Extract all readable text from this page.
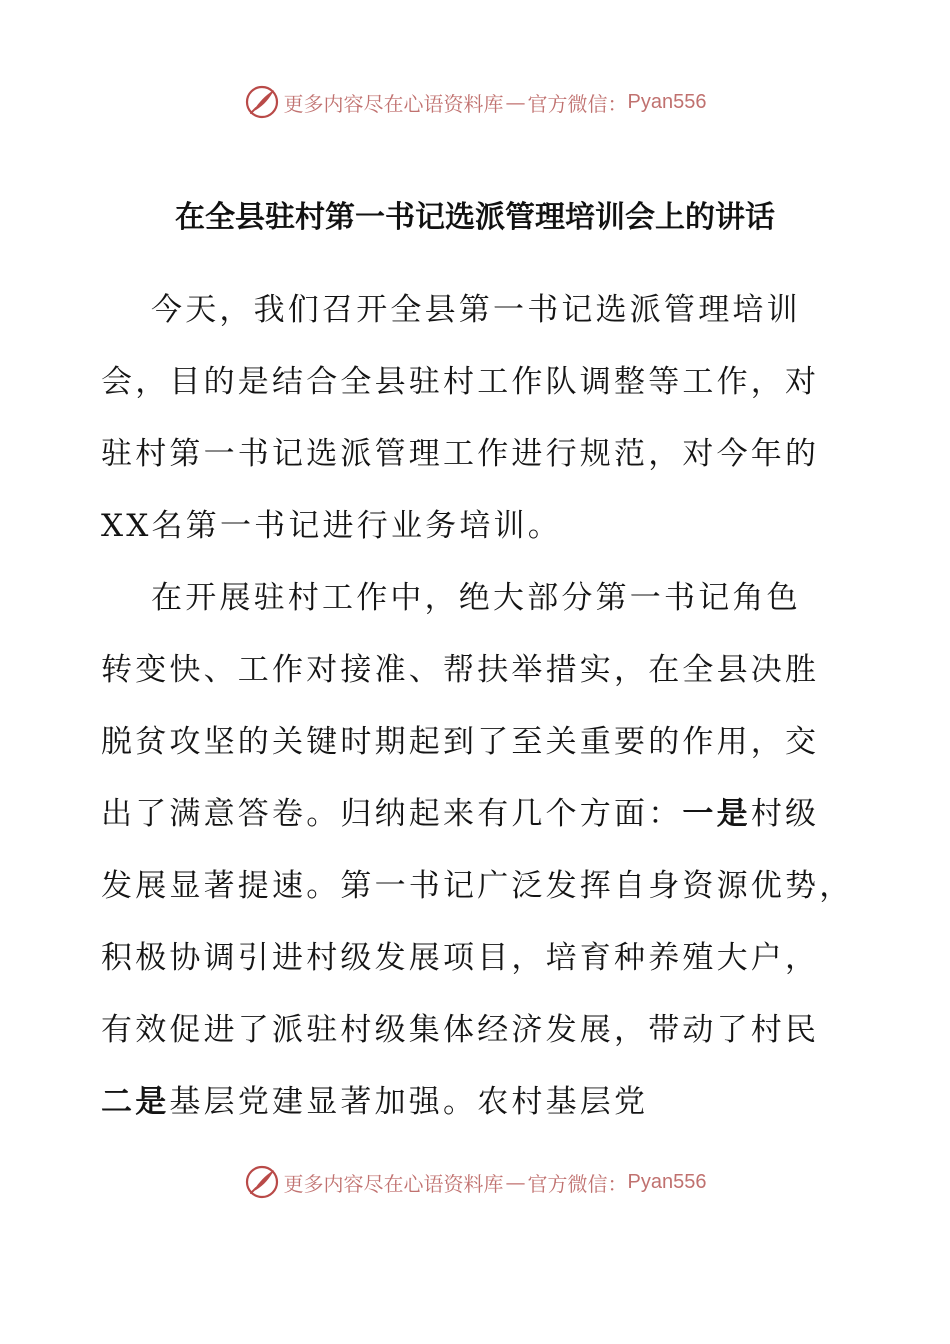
更多内容尽在心语资料库 — 官方微信： Pyan556
在全县驻村第一书记选派管理培训会上的讲话
今天，我们召开全县第一书记选派管理培训
会，目的是结合全县驻村工作队调整等工作，对
驻村第一书记选派管理工作进行规范，对今年的
XX名第一书记进行业务培训。
在开展驻村工作中，绝大部分第一书记角色
转变快、工作对接准、帮扶举措实，在全县决胜
脱贫攻坚的关键时期起到了至关重要的作用，交
出了满意答卷。归纳起来有几个方面：一是村级
发展显著提速。第一书记广泛发挥自身资源优势，
积极协调引进村级发展项目，培育种养殖大户，
有效促进了派驻村级集体经济发展，带动了村民
二是基层党建显著加强。农村基层党
更多内容尽在心语资料库 — 官方微信： Pyan556
